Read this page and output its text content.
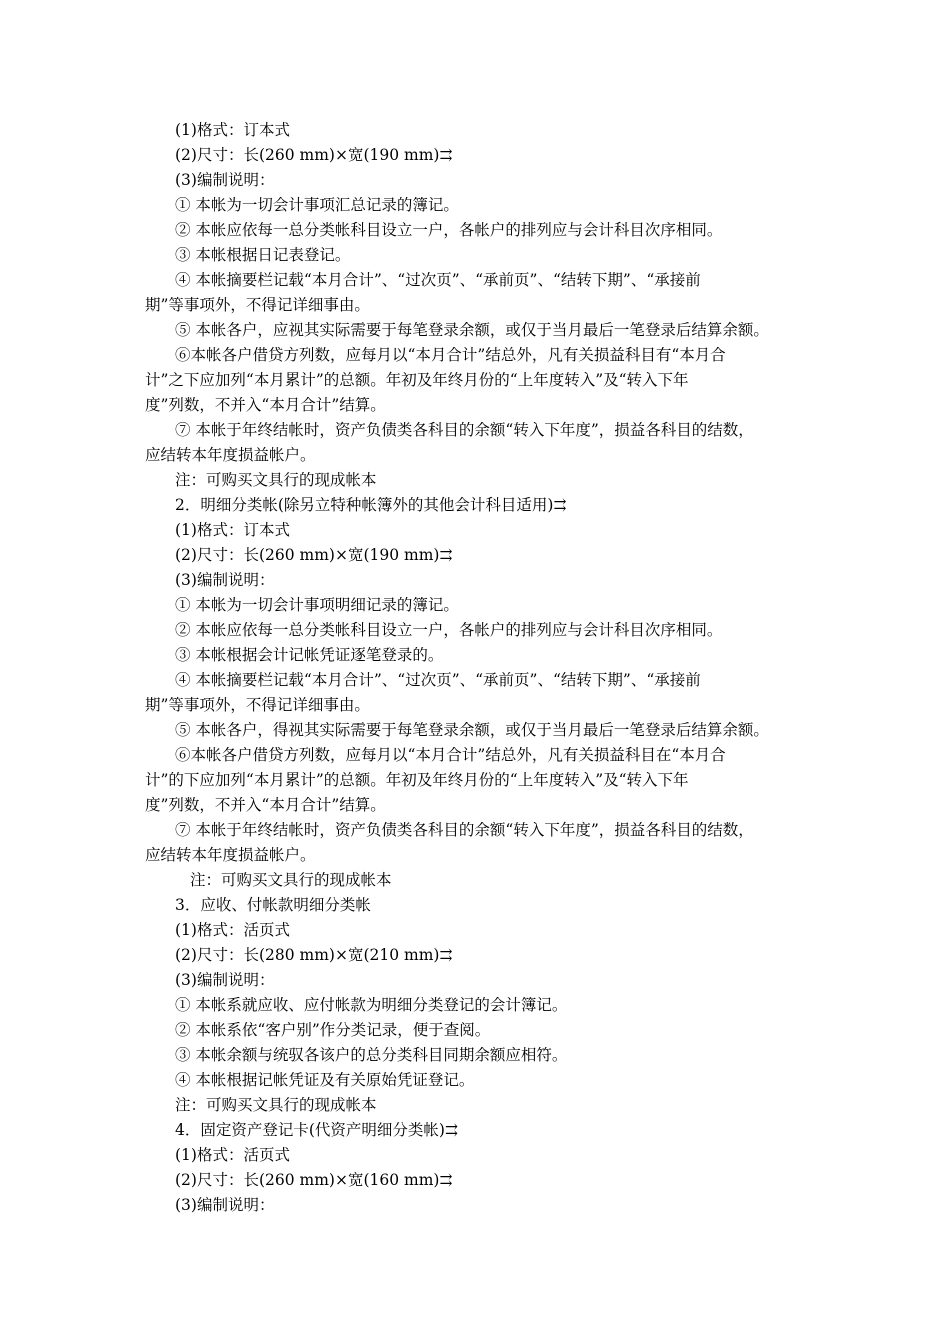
(1)格式：订本式
(2)尺寸：长(260 mm)×宽(190 mm)⇉
(3)编制说明：
① 本帐为一切会计事项汇总记录的簿记。
② 本帐应依每一总分类帐科目设立一户，各帐户的排列应与会计科目次序相同。
③ 本帐根据日记表登记。
④ 本帐摘要栏记载“本月合计”、“过次页”、“承前页”、“结转下期”、“承接前
期”等事项外，不得记详细事由。
⑤ 本帐各户，应视其实际需要于每笔登录余额，或仅于当月最后一笔登录后结算余额。
⑥本帐各户借贷方列数，应每月以“本月合计”结总外，凡有关损益科目有“本月合
计”之下应加列“本月累计”的总额。年初及年终月份的“上年度转入”及“转入下年
度”列数，不并入“本月合计”结算。
⑦ 本帐于年终结帐时，资产负债类各科目的余额“转入下年度”，损益各科目的结数，
应结转本年度损益帐户。
注：可购买文具行的现成帐本
2．明细分类帐(除另立特种帐簿外的其他会计科目适用)⇉
(1)格式：订本式
(2)尺寸：长(260 mm)×宽(190 mm)⇉
(3)编制说明：
① 本帐为一切会计事项明细记录的簿记。
② 本帐应依每一总分类帐科目设立一户，各帐户的排列应与会计科目次序相同。
③ 本帐根据会计记帐凭证逐笔登录的。
④ 本帐摘要栏记载“本月合计”、“过次页”、“承前页”、“结转下期”、“承接前
期”等事项外，不得记详细事由。
⑤ 本帐各户，得视其实际需要于每笔登录余额，或仅于当月最后一笔登录后结算余额。
⑥本帐各户借贷方列数，应每月以“本月合计”结总外，凡有关损益科目在“本月合
计”的下应加列“本月累计”的总额。年初及年终月份的“上年度转入”及“转入下年
度”列数，不并入“本月合计”结算。
⑦ 本帐于年终结帐时，资产负债类各科目的余额“转入下年度”，损益各科目的结数，
应结转本年度损益帐户。
注：可购买文具行的现成帐本
3．应收、付帐款明细分类帐
(1)格式：活页式
(2)尺寸：长(280 mm)×宽(210 mm)⇉
(3)编制说明：
① 本帐系就应收、应付帐款为明细分类登记的会计簿记。
② 本帐系依“客户别”作分类记录，便于查阅。
③ 本帐余额与统驭各该户的总分类科目同期余额应相符。
④ 本帐根据记帐凭证及有关原始凭证登记。
注：可购买文具行的现成帐本
4．固定资产登记卡(代资产明细分类帐)⇉
(1)格式：活页式
(2)尺寸：长(260 mm)×宽(160 mm)⇉
(3)编制说明：
